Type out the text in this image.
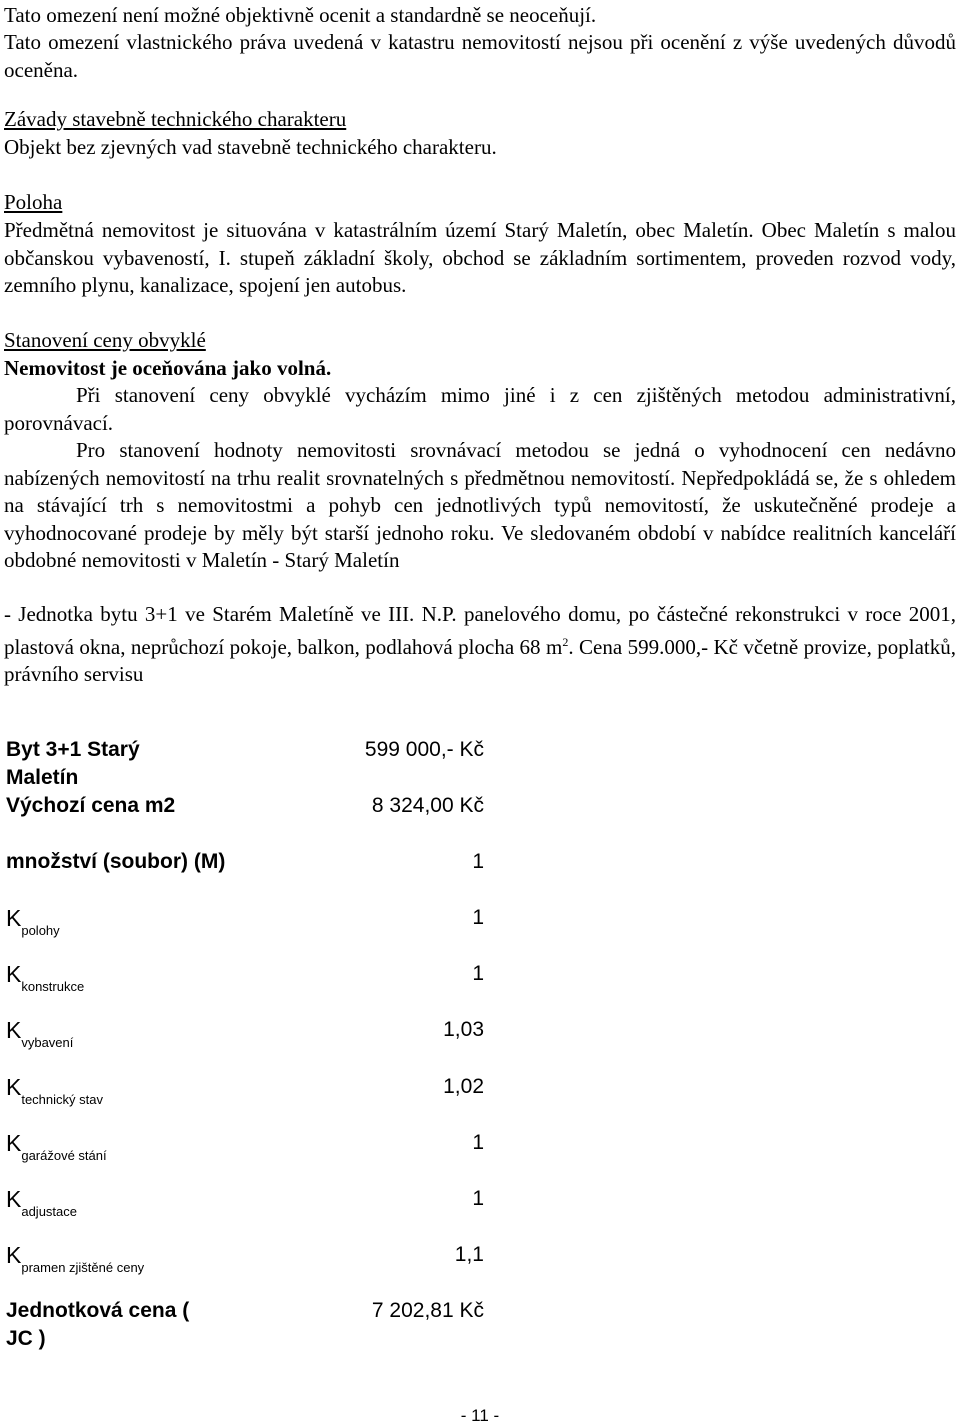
Tato omezení není možné objektivně ocenit a standardně se neoceňují.

Tato omezení vlastnického práva uvedená v katastru nemovitostí nejsou při ocenění z výše uvedených důvodů oceněna.

Závady stavebně technického charakteru

Objekt bez zjevných vad stavebně technického charakteru.

Poloha

Předmětná nemovitost je situována v katastrálním území Starý Maletín, obec Maletín. Obec Maletín s malou občanskou vybaveností, I. stupeň základní školy, obchod se základním sortimentem, proveden rozvod vody, zemního plynu, kanalizace, spojení jen autobus.

Stanovení ceny obvyklé

Nemovitost je oceňována jako volná.

Při stanovení ceny obvyklé vycházím mimo jiné i z cen zjištěných metodou administrativní, porovnávací.

Pro stanovení hodnoty nemovitosti srovnávací metodou se jedná o vyhodnocení cen nedávno nabízených nemovitostí na trhu realit srovnatelných s předmětnou nemovitostí. Nepředpokládá se, že s ohledem na stávající trh s nemovitostmi a pohyb cen jednotlivých typů nemovitostí, že uskutečněné prodeje a vyhodnocované prodeje by měly být starší jednoho roku. Ve sledovaném období v nabídce realitních kanceláří obdobné nemovitosti v Maletín - Starý Maletín

- Jednotka bytu 3+1 ve Starém Maletíně ve III. N.P. panelového domu, po částečné rekonstrukci v roce 2001, plastová okna, neprůchozí pokoje, balkon, podlahová plocha 68 $m^2$. Cena 599.000,- Kč včetně provize, poplatků, právního servisu

Byt 3+1 Starý Maletín
599 000,- Kč
Výchozí cena m2	8 324,00 Kč
množství (soubor) (M)	1
$K_{polohy}$
1
$K_{konstrukce}$
1
$K_{vybavení}$
1,03
$K_{technický stav}$
1,02
$K_{garážové stání}$
1
$K_{adjustace}$
1
$K_{pramen zjištěné ceny}$
1,1
Jednotková cena ( JC )
7 202,81 Kč
- 11 -
